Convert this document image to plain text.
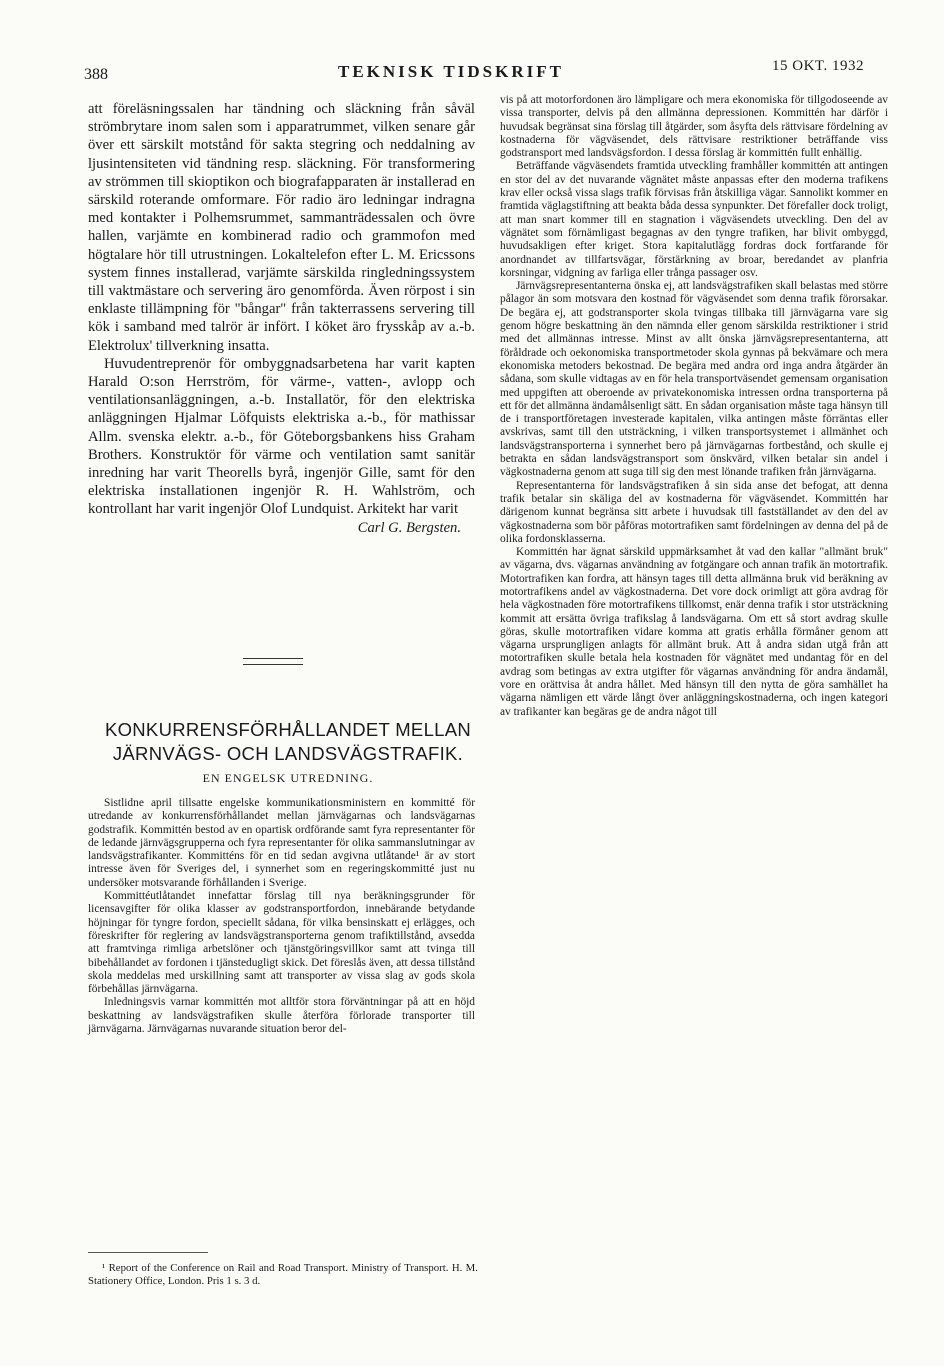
388	TEKNISK TIDSKRIFT	15 OKT. 1932

att föreläsningssalen har tändning och släckning från såväl strömbrytare inom salen som i apparatrummet, vilken senare går över ett särskilt motstånd för sakta stegring och neddalning av ljusintensiteten vid tändning resp. släckning. För transformering av strömmen till skioptikon och biografapparaten är installerad en särskild roterande omformare. För radio äro ledningar indragna med kontakter i Polhemsrummet, sammanträdessalen och övre hallen, varjämte en kombinerad radio och grammofon med högtalare hör till utrustningen. Lokaltelefon efter L. M. Ericssons system finnes installerad, varjämte särskilda ringledningssystem till vaktmästare och servering äro genomförda. Även rörpost i sin enklaste tillämpning för "bångar" från takterrassens servering till kök i samband med talrör är infört. I köket äro frysskåp av a.-b. Elektrolux' tillverkning insatta.

Huvudentreprenör för ombyggnadsarbetena har varit kapten Harald O:son Herrström, för värme-, vatten-, avlopp och ventilationsanläggningen, a.-b. Installatör, för den elektriska anläggningen Hjalmar Löfquists elektriska a.-b., för mathissar Allm. svenska elektr. a.-b., för Göteborgsbankens hiss Graham Brothers. Konstruktör för värme och ventilation samt sanitär inredning har varit Theorells byrå, ingenjör Gille, samt för den elektriska installationen ingenjör R. H. Wahlström, och kontrollant har varit ingenjör Olof Lundquist. Arkitekt har varit

Carl G. Bergsten.

KONKURRENSFÖRHÅLLANDET MELLAN
JÄRNVÄGS- OCH LANDSVÄGSTRAFIK.
EN ENGELSK UTREDNING.

Sistlidne april tillsatte engelske kommunikationsministern en kommitté för utredande av konkurrensförhållandet mellan järnvägarnas och landsvägarnas godstrafik. Kommittén bestod av en opartisk ordförande samt fyra representanter för de ledande järnvägsgrupperna och fyra representanter för olika sammanslutningar av landsvägstrafikanter. Kommitténs för en tid sedan avgivna utlåtande¹ är av stort intresse även för Sveriges del, i synnerhet som en regeringskommitté just nu undersöker motsvarande förhållanden i Sverige.

Kommittéutlåtandet innefattar förslag till nya beräkningsgrunder för licensavgifter för olika klasser av godstransportfordon, innebärande betydande höjningar för tyngre fordon, speciellt sådana, för vilka bensinskatt ej erlägges, och föreskrifter för reglering av landsvägstransporterna genom trafiktillstånd, avsedda att framtvinga rimliga arbetslöner och tjänstgöringsvillkor samt att tvinga till bibehållandet av fordonen i tjänstedugligt skick. Det föreslås även, att dessa tillstånd skola meddelas med urskillning samt att transporter av vissa slag av gods skola förbehållas järnvägarna.

Inledningsvis varnar kommittén mot alltför stora förväntningar på att en höjd beskattning av landsvägstrafiken skulle återföra förlorade transporter till järnvägarna. Järnvägarnas nuvarande situation beror del-

¹ Report of the Conference on Rail and Road Transport. Ministry of Transport. H. M. Stationery Office, London. Pris 1 s. 3 d.

vis på att motorfordonen äro lämpligare och mera ekonomiska för tillgodoseende av vissa transporter, delvis på den allmänna depressionen. Kommittén har därför i huvudsak begränsat sina förslag till åtgärder, som åsyfta dels rättvisare fördelning av kostnaderna för vägväsendet, dels rättvisare restriktioner beträffande viss godstransport med landsvägsfordon. I dessa förslag är kommittén fullt enhällig.

Beträffande vägväsendets framtida utveckling framhåller kommittén att antingen en stor del av det nuvarande vägnätet måste anpassas efter den moderna trafikens krav eller också vissa slags trafik förvisas från åtskilliga vägar. Sannolikt kommer en framtida väglagstiftning att beakta båda dessa synpunkter. Det förefaller dock troligt, att man snart kommer till en stagnation i vägväsendets utveckling. Den del av vägnätet som förnämligast begagnas av den tyngre trafiken, har blivit ombyggd, huvudsakligen efter kriget. Stora kapitalutlägg fordras dock fortfarande för anordnandet av tillfartsvägar, förstärkning av broar, beredandet av planfria korsningar, vidgning av farliga eller trånga passager osv.

Järnvägsrepresentanterna önska ej, att landsvägstrafiken skall belastas med större pålagor än som motsvara den kostnad för vägväsendet som denna trafik förorsakar. De begära ej, att godstransporter skola tvingas tillbaka till järnvägarna vare sig genom högre beskattning än den nämnda eller genom särskilda restriktioner i strid med det allmännas intresse. Minst av allt önska järnvägsrepresentanterna, att föråldrade och oekonomiska transportmetoder skola gynnas på bekvämare och mera ekonomiska metoders bekostnad. De begära med andra ord inga andra åtgärder än sådana, som skulle vidtagas av en för hela transportväsendet gemensam organisation med uppgiften att oberoende av privatekonomiska intressen ordna transporterna på ett för det allmänna ändamålsenligt sätt. En sådan organisation måste taga hänsyn till de i transportföretagen investerade kapitalen, vilka antingen måste förräntas eller avskrivas, samt till den utsträckning, i vilken transportsystemet i allmänhet och landsvägstransporterna i synnerhet bero på järnvägarnas fortbestånd, och skulle ej betrakta en sådan landsvägstransport som önskvärd, vilken betalar sin andel i vägkostnaderna genom att suga till sig den mest lönande trafiken från järnvägarna.

Representanterna för landsvägstrafiken å sin sida anse det befogat, att denna trafik betalar sin skäliga del av kostnaderna för vägväsendet. Kommittén har därigenom kunnat begränsa sitt arbete i huvudsak till fastställandet av den del av vägkostnaderna som bör påföras motortrafiken samt fördelningen av denna del på de olika fordonsklasserna.

Kommittén har ägnat särskild uppmärksamhet åt vad den kallar "allmänt bruk" av vägarna, dvs. vägarnas användning av fotgängare och annan trafik än motortrafik. Motortrafiken kan fordra, att hänsyn tages till detta allmänna bruk vid beräkning av motortrafikens andel av vägkostnaderna. Det vore dock orimligt att göra avdrag för hela vägkostnaden före motortrafikens tillkomst, enär denna trafik i stor utsträckning kommit att ersätta övriga trafikslag å landsvägarna. Om ett så stort avdrag skulle göras, skulle motortrafiken vidare komma att gratis erhålla förmåner genom att vägarna ursprungligen anlagts för allmänt bruk. Att å andra sidan utgå från att motortrafiken skulle betala hela kostnaden för vägnätet med undantag för en del avdrag som betingas av extra utgifter för vägarnas användning för andra ändamål, vore en orättvisa åt andra hållet. Med hänsyn till den nytta de göra samhället ha vägarna nämligen ett värde långt över anläggningskostnaderna, och ingen kategori av trafikanter kan begäras ge de andra något till
